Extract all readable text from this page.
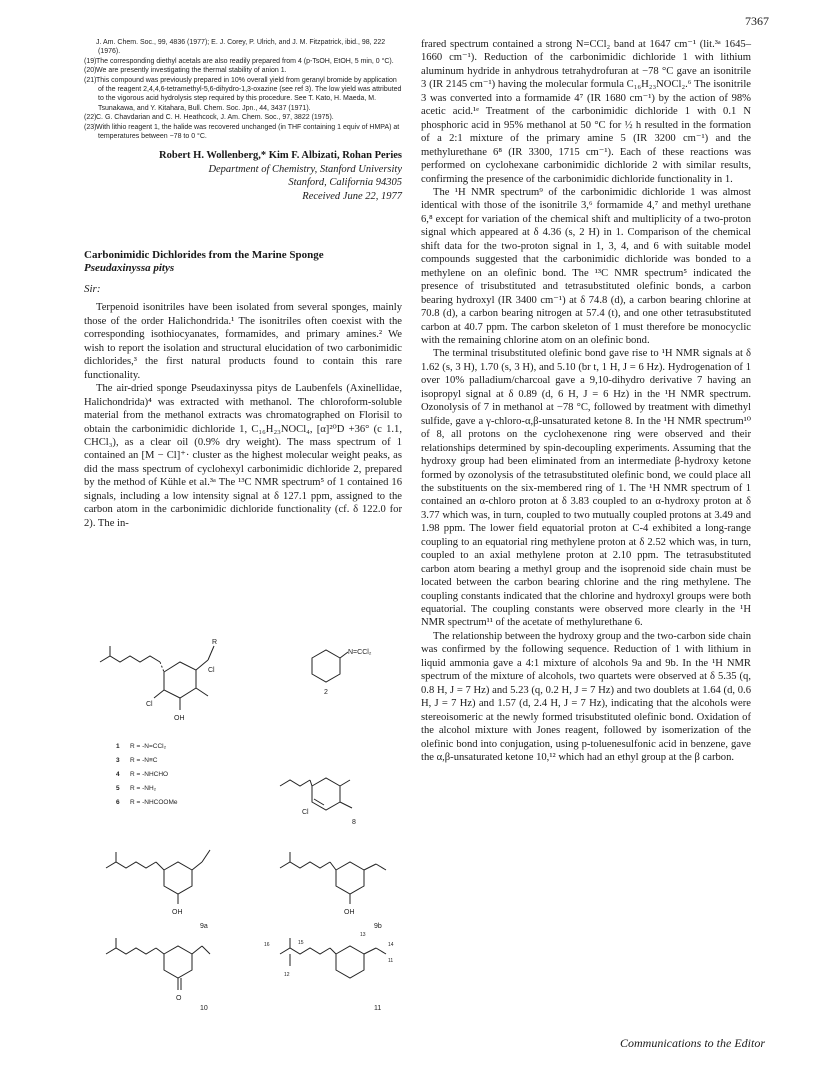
7367

J. Am. Chem. Soc., 99, 4836 (1977); E. J. Corey, P. Ulrich, and J. M. Fitzpatrick, ibid., 98, 222 (1976).

(19)The corresponding diethyl acetals are also readily prepared from 4 (p-TsOH, EtOH, 5 min, 0 °C).

(20)We are presently investigating the thermal stability of anion 1.

(21)This compound was previously prepared in 10% overall yield from geranyl bromide by application of the reagent 2,4,4,6-tetramethyl-5,6-dihydro-1,3-oxazine (see ref 3). The low yield was attributed to the vigorous acid hydrolysis step required by this procedure. See T. Kato, H. Maeda, M. Tsunakawa, and Y. Kitahara, Bull. Chem. Soc. Jpn., 44, 3437 (1971).

(22)C. G. Chavdarian and C. H. Heathcock, J. Am. Chem. Soc., 97, 3822 (1975).

(23)With lithio reagent 1, the halide was recovered unchanged (in THF containing 1 equiv of HMPA) at temperatures between −78 to 0 °C.

Robert H. Wollenberg,* Kim F. Albizati, Rohan Peries
Department of Chemistry, Stanford University
Stanford, California 94305
Received June 22, 1977
Carbonimidic Dichlorides from the Marine Sponge
Pseudaxinyssa pitys
Sir:

Terpenoid isonitriles have been isolated from several sponges, mainly those of the order Halichondrida.¹ The isonitriles often coexist with the corresponding isothiocyanates, formamides, and primary amines.² We wish to report the isolation and structural elucidation of two carbonimidic dichlorides,³ the first natural products found to contain this rare functionality.

The air-dried sponge Pseudaxinyssa pitys de Laubenfels (Axinellidae, Halichondrida)⁴ was extracted with methanol. The chloroform-soluble material from the methanol extracts was chromatographed on Florisil to obtain the carbonimidic dichloride 1, C₁₆H₂₃NOCl₄, [α]²⁰D +36° (c 1.1, CHCl₃), as a clear oil (0.9% dry weight). The mass spectrum of 1 contained an [M − Cl]⁺· cluster as the highest molecular weight peaks, as did the mass spectrum of cyclohexyl carbonimidic dichloride 2, prepared by the method of Kühle et al.³ᵃ The ¹³C NMR spectrum⁵ of 1 contained 16 signals, including a low intensity signal at δ 127.1 ppm, assigned to the carbon atom in the carbonimidic dichloride functionality (cf. δ 122.0 for 2). The in-

frared spectrum contained a strong N=CCl₂ band at 1647 cm⁻¹ (lit.³ᵃ 1645–1660 cm⁻¹). Reduction of the carbonimidic dichloride 1 with lithium aluminum hydride in anhydrous tetrahydrofuran at −78 °C gave an isonitrile 3 (IR 2145 cm⁻¹) having the molecular formula C₁₆H₂₃NOCl₂.⁶ The isonitrile 3 was converted into a formamide 4⁷ (IR 1680 cm⁻¹) by the action of 98% acetic acid.¹ᵉ Treatment of the carbonimidic dichloride 1 with 0.1 N phosphoric acid in 95% methanol at 50 °C for ½ h resulted in the formation of a 2:1 mixture of the primary amine 5 (IR 3200 cm⁻¹) and the methylurethane 6⁸ (IR 3300, 1715 cm⁻¹). Each of these reactions was performed on cyclohexane carbonimidic dichloride 2 with similar results, confirming the presence of the carbonimidic dichloride functionality in 1.

The ¹H NMR spectrum⁹ of the carbonimidic dichloride 1 was almost identical with those of the isonitrile 3,⁶ formamide 4,⁷ and methyl urethane 6,⁸ except for variation of the chemical shift and multiplicity of a two-proton signal which appeared at δ 4.36 (s, 2 H) in 1. Comparison of the chemical shift data for the two-proton signal in 1, 3, 4, and 6 with suitable model compounds suggested that the carbonimidic dichloride was bonded to a methylene on an olefinic bond. The ¹³C NMR spectrum⁵ indicated the presence of trisubstituted and tetrasubstituted olefinic bonds, a carbon bearing hydroxyl (IR 3400 cm⁻¹) at δ 74.8 (d), a carbon bearing chlorine at 70.8 (d), a carbon bearing nitrogen at 57.4 (t), and one other tetrasubstituted carbon at 40.7 ppm. The carbon skeleton of 1 must therefore be monocyclic with the remaining chlorine atom on an olefinic bond.

The terminal trisubstituted olefinic bond gave rise to ¹H NMR signals at δ 1.62 (s, 3 H), 1.70 (s, 3 H), and 5.10 (br t, 1 H, J = 6 Hz). Hydrogenation of 1 over 10% palladium/charcoal gave a 9,10-dihydro derivative 7 having an isopropyl signal at δ 0.89 (d, 6 H, J = 6 Hz) in the ¹H NMR spectrum. Ozonolysis of 7 in methanol at −78 °C, followed by treatment with dimethyl sulfide, gave a γ-chloro-α,β-unsaturated ketone 8. In the ¹H NMR spectrum¹⁰ of 8, all protons on the cyclohexenone ring were observed and their relationships determined by spin-decoupling experiments. Assuming that the hydroxy group had been eliminated from an intermediate β-hydroxy ketone formed by ozonolysis of the tetrasubstituted olefinic bond, we could place all the substituents on the six-membered ring of 1. The ¹H NMR spectrum of 1 contained an α-chloro proton at δ 3.83 coupled to an α-hydroxy proton at δ 3.77 which was, in turn, coupled to two mutually coupled protons at 3.49 and 1.98 ppm. The lower field equatorial proton at C-4 exhibited a long-range coupling to an equatorial ring methylene proton at δ 2.52 which was, in turn, coupled to an axial methylene proton at 2.10 ppm. The tetrasubstituted carbon atom bearing a methyl group and the isoprenoid side chain must be located between the carbon bearing chlorine and the ring methylene. The coupling constants indicated that the chlorine and hydroxyl groups were both equatorial. The coupling constants were observed more clearly in the ¹H NMR spectrum¹¹ of the acetate of methylurethane 6.

The relationship between the hydroxy group and the two-carbon side chain was confirmed by the following sequence. Reduction of 1 with lithium in liquid ammonia gave a 4:1 mixture of alcohols 9a and 9b. In the ¹H NMR spectrum of the mixture of alcohols, two quartets were observed at δ 5.35 (q, 0.8 H, J = 7 Hz) and 5.23 (q, 0.2 H, J = 7 Hz) and two doublets at 1.64 (d, 0.6 H, J = 7 Hz) and 1.57 (d, 2.4 H, J = 7 Hz), indicating that the alcohols were stereoisomeric at the newly formed trisubstituted olefinic bond. Oxidation of the alcohol mixture with Jones reagent, followed by isomerization of the olefinic bond into conjugation, using p-toluenesulfonic acid in benzene, gave the α,β-unsaturated ketone 10,¹² which had an ethyl group at the β carbon.

R
Cl
Cl
OH
N=CCl₂
2
Cl
8
OH
9a
OH
9b
O
10	11
16	15
12
14
13
11
1 R = -N=CCl₂
3 R = -N≡C
4 R = -NHCHO
5 R = -NH₂
6 R = -NHCOOMe
Communications to the Editor
